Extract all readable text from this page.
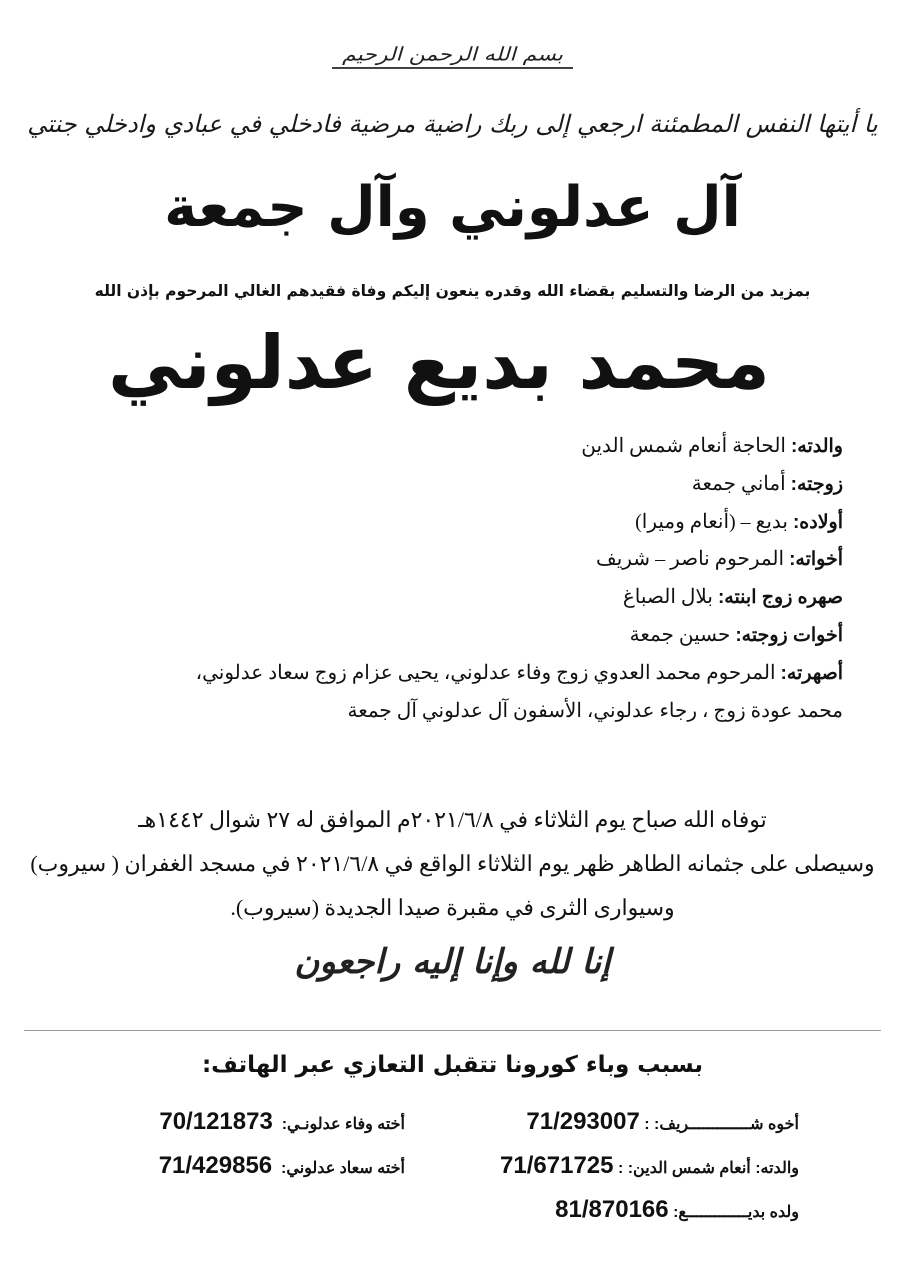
بسم الله الرحمن الرحيم
يا أيتها النفس المطمئنة ارجعي إلى ربك راضية مرضية فادخلي في عبادي وادخلي جنتي
آل عدلوني وآل جمعة
بمزيد من الرضا والتسليم بقضاء الله وقدره ينعون إليكم وفاة فقيدهم الغالي المرحوم بإذن الله
محمد بديع عدلوني
والدته: الحاجة أنعام شمس الدين
زوجته: أماني جمعة
أولاده: بديع – (أنعام وميرا)
أخواته: المرحوم ناصر – شريف
صهره زوج ابنته: بلال الصباغ
أخوات زوجته: حسين جمعة
أصهرته: المرحوم محمد العدوي زوج وفاء عدلوني، يحيى عزام زوج سعاد عدلوني،
محمد عودة زوج ، رجاء عدلوني، الأسفون آل عدلوني آل جمعة
توفاه الله صباح يوم الثلاثاء في ٢٠٢١/٦/٨م الموافق له ٢٧ شوال ١٤٤٢هـ
وسيصلى على جثمانه الطاهر ظهر يوم الثلاثاء الواقع في ٢٠٢١/٦/٨ في مسجد الغفران ( سيروب)
وسيوارى الثرى في مقبرة صيدا الجديدة (سيروب).
إنا لله وإنا إليه راجعون
بسبب وباء كورونا تتقبل التعازي عبر الهاتف:
أخوه شـــــــــــــريف: : 71/293007
أخته وفاء عدلونـي:  70/121873
والدته: أنعام شمس الدين: : 71/671725
أخته سعاد عدلوني:  71/429856
ولده بديـــــــــــــع: 81/870166
